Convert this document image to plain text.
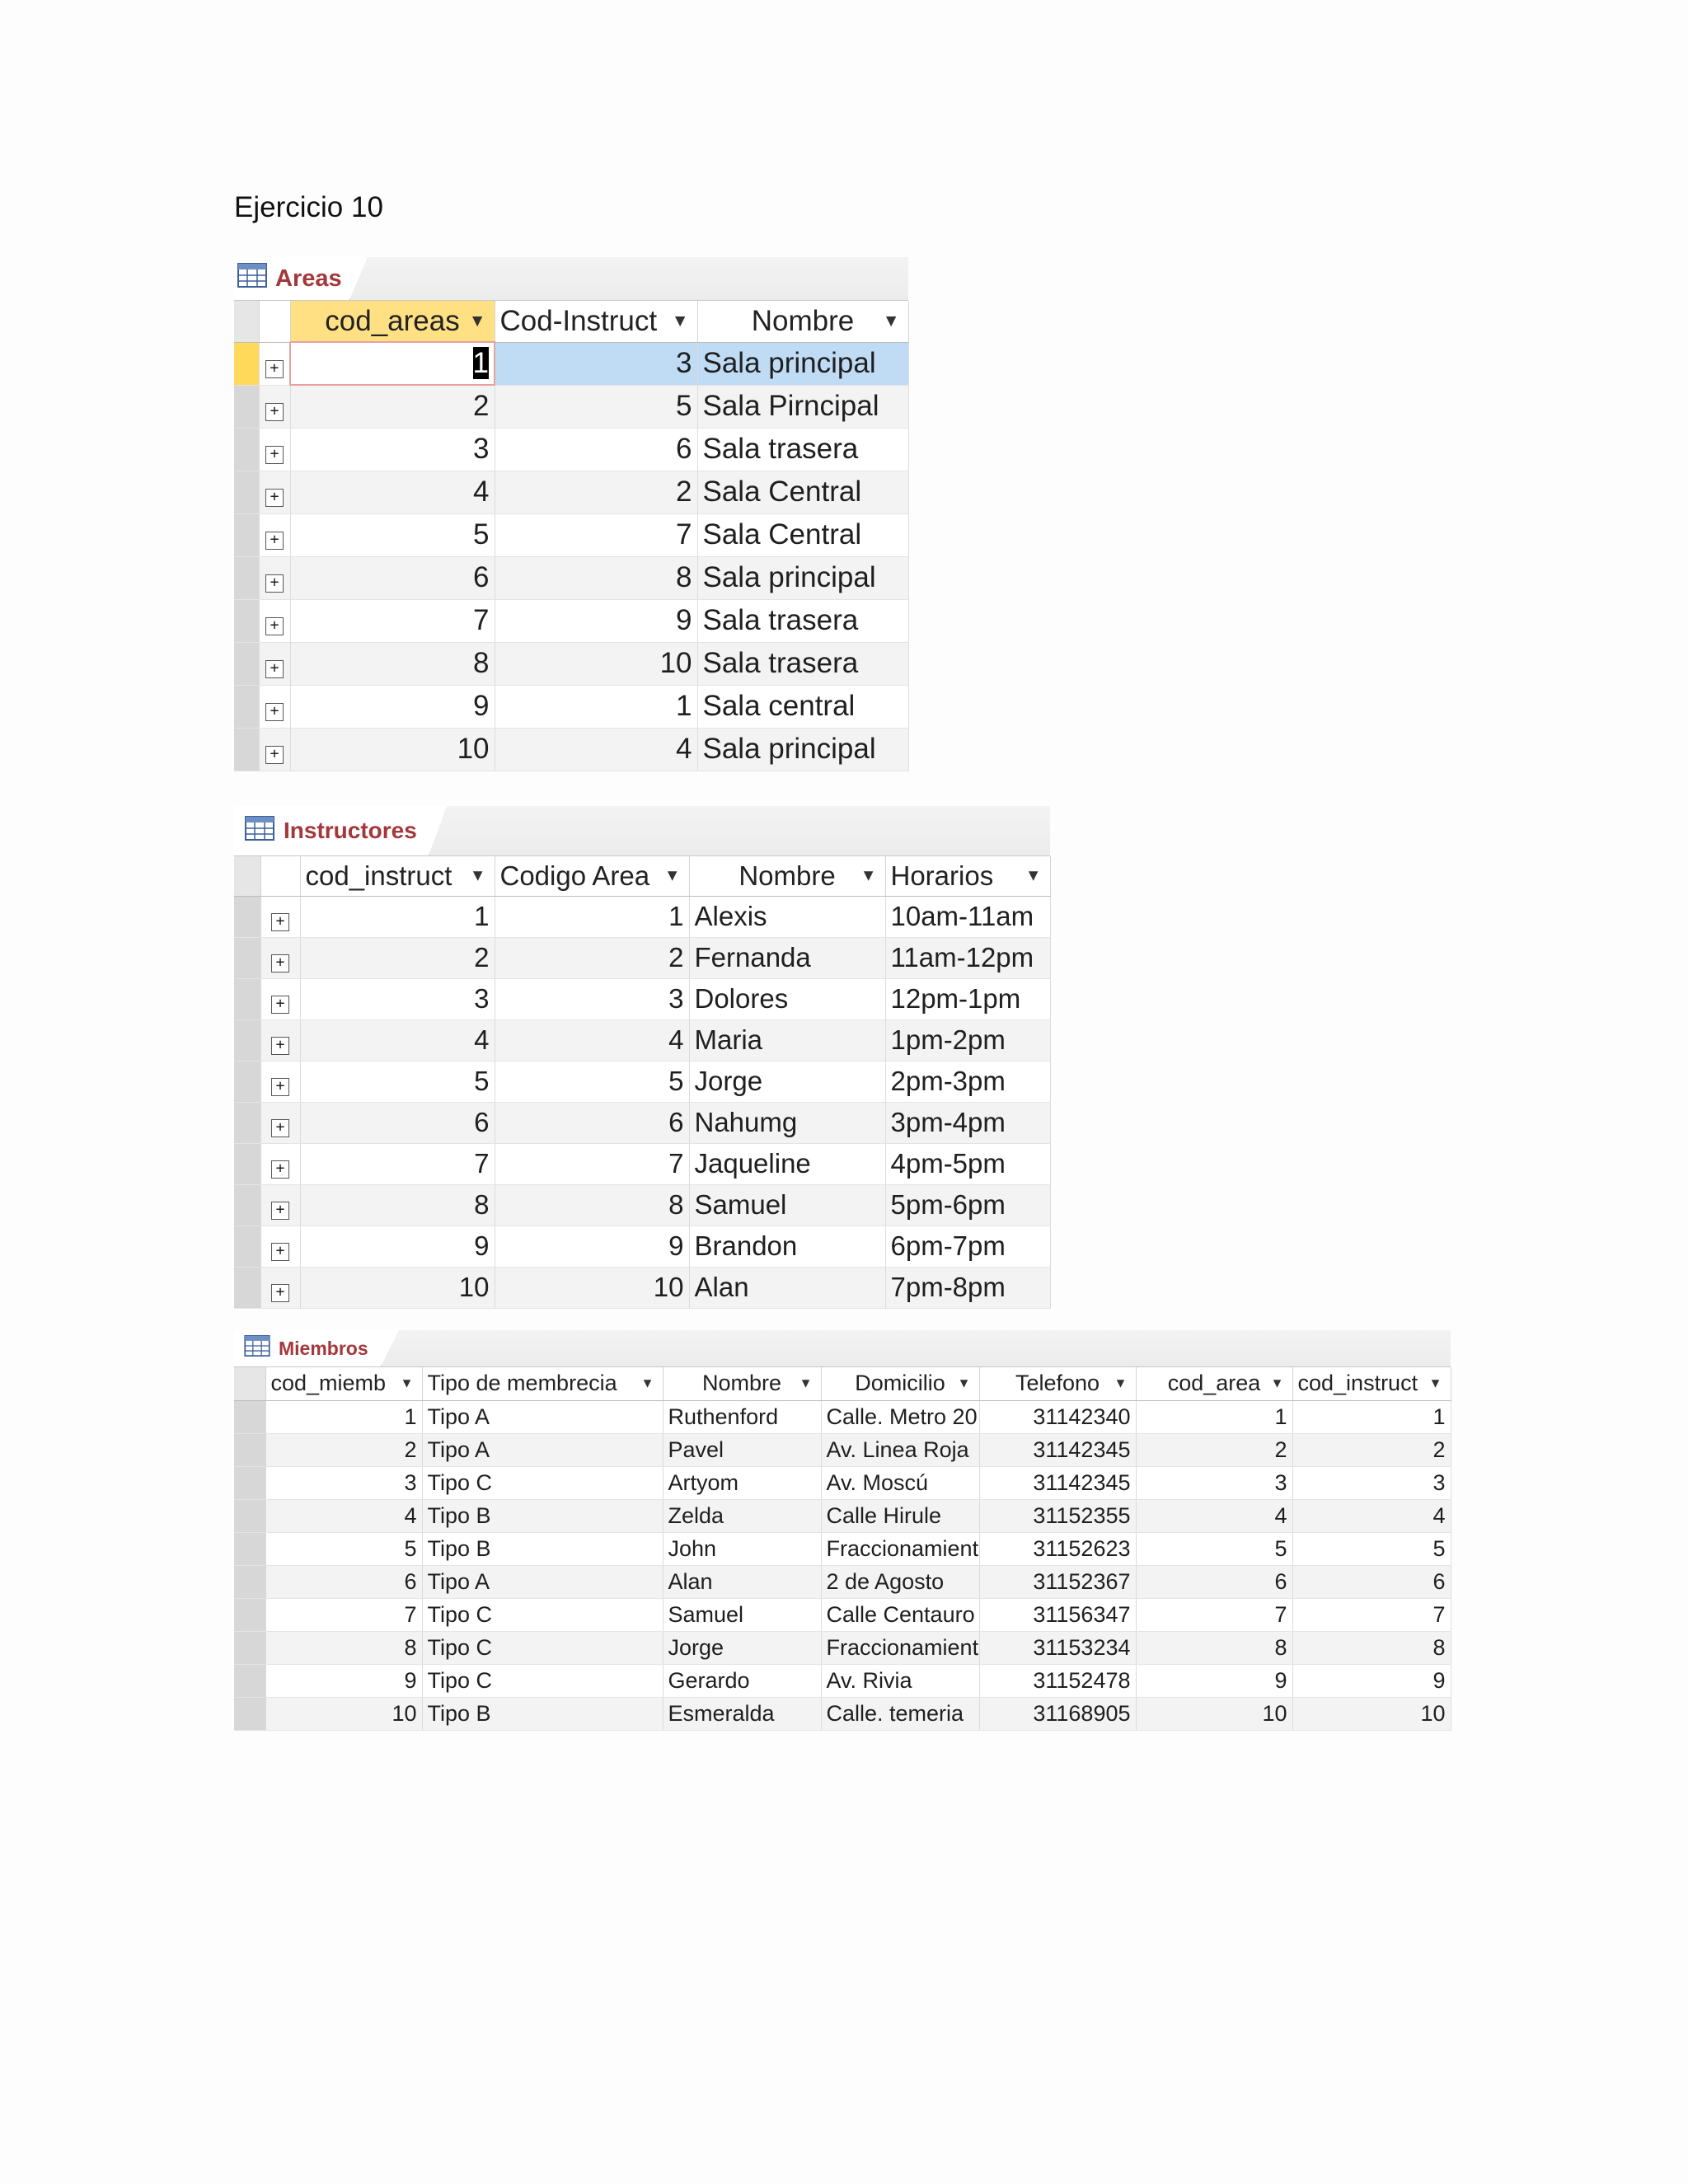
Ejercicio 10
Areas
		cod_areas ▼	Cod-Instruct ▼	Nombre ▼

	+	1	3	Sala principal
	+	2	5	Sala Pirncipal
	+	3	6	Sala trasera
	+	4	2	Sala Central
	+	5	7	Sala Central
	+	6	8	Sala principal
	+	7	9	Sala trasera
	+	8	10	Sala trasera
	+	9	1	Sala central
	+	10	4	Sala principal
Instructores
		cod_instruct ▼	Codigo Area ▼	Nombre ▼	Horarios ▼

	+	1	1	Alexis	10am-11am
	+	2	2	Fernanda	11am-12pm
	+	3	3	Dolores	12pm-1pm
	+	4	4	Maria	1pm-2pm
	+	5	5	Jorge	2pm-3pm
	+	6	6	Nahumg	3pm-4pm
	+	7	7	Jaqueline	4pm-5pm
	+	8	8	Samuel	5pm-6pm
	+	9	9	Brandon	6pm-7pm
	+	10	10	Alan	7pm-8pm
Miembros
	cod_miemb ▼	Tipo de membrecia ▼	Nombre ▼	Domicilio ▼	Telefono ▼	cod_area ▼	cod_instruct ▼

	1	Tipo A	Ruthenford	Calle. Metro 20	31142340	1	1
	2	Tipo A	Pavel	Av. Linea Roja	31142345	2	2
	3	Tipo C	Artyom	Av. Moscú	31142345	3	3
	4	Tipo B	Zelda	Calle Hirule	31152355	4	4
	5	Tipo B	John	Fraccionamient	31152623	5	5
	6	Tipo A	Alan	2 de Agosto	31152367	6	6
	7	Tipo C	Samuel	Calle Centauro	31156347	7	7
	8	Tipo C	Jorge	Fraccionamient	31153234	8	8
	9	Tipo C	Gerardo	Av. Rivia	31152478	9	9
	10	Tipo B	Esmeralda	Calle. temeria	31168905	10	10
